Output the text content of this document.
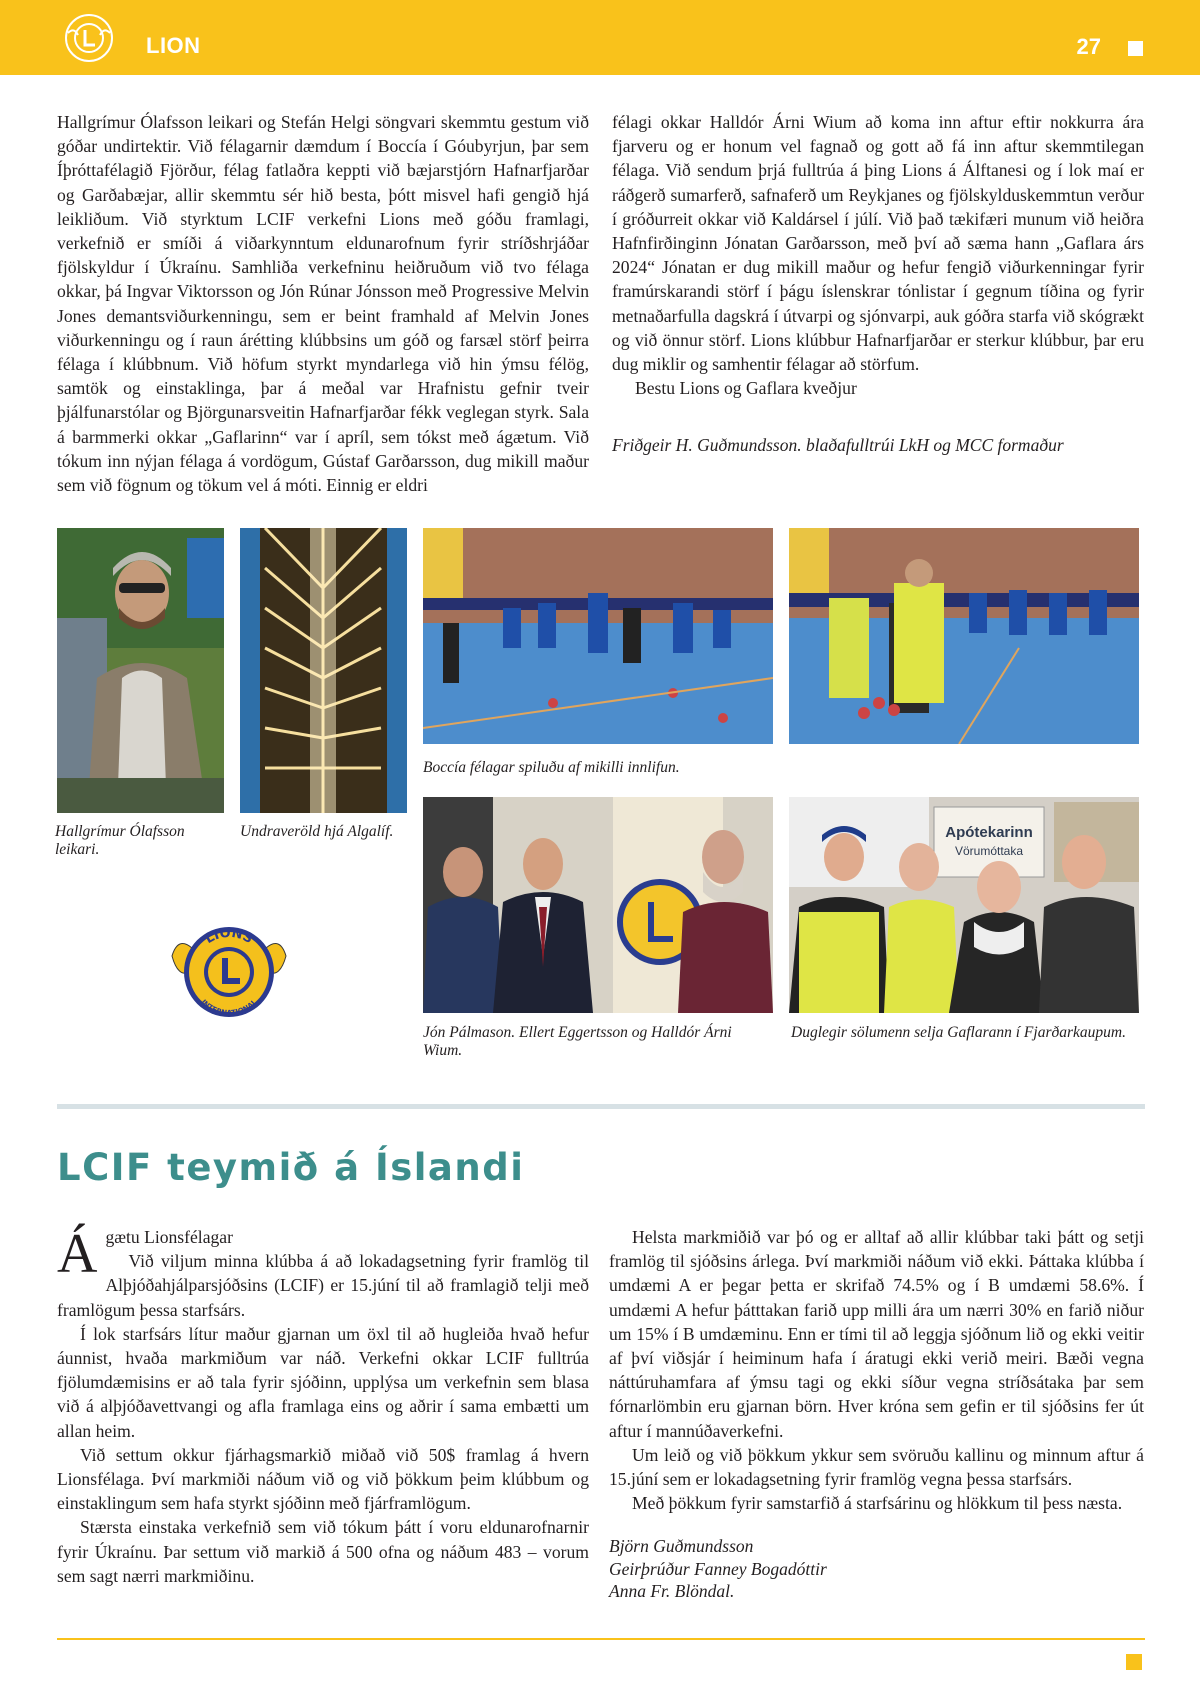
LION	27
Hallgrímur Ólafsson leikari og Stefán Helgi söngvari skemmtu gestum við góðar undirtektir. Við félagarnir dæmdum í Boccía í Góubyrjun, þar sem Íþróttafélagið Fjörður, félag fatlaðra keppti við bæjarstjórn Hafnarfjarðar og Garðabæjar, allir skemmtu sér hið besta, þótt misvel hafi gengið hjá leikliðum. Við styrktum LCIF verkefni Lions með góðu framlagi, verkefnið er smíði á viðarkynntum eldunarofnum fyrir stríðshrjáðar fjölskyldur í Úkraínu. Samhliða verkefninu heiðruðum við tvo félaga okkar, þá Ingvar Viktorsson og Jón Rúnar Jónsson með Progressive Melvin Jones demantsviðurkenningu, sem er beint framhald af Melvin Jones viðurkenningu og í raun árétting klúbbsins um góð og farsæl störf þeirra félaga í klúbbnum. Við höfum styrkt myndarlega við hin ýmsu félög, samtök og einstaklinga, þar á meðal var Hrafnistu gefnir tveir þjálfunarstólar og Björgunarsveitin Hafnarfjarðar fékk veglegan styrk. Sala á barmmerki okkar „Gaflarinn“ var í apríl, sem tókst með ágætum. Við tókum inn nýjan félaga á vordögum, Gústaf Garðarsson, dug mikill maður sem við fögnum og tökum vel á móti. Einnig er eldri

félagi okkar Halldór Árni Wium að koma inn aftur eftir nokkurra ára fjarveru og er honum vel fagnað og gott að fá inn aftur skemmtilegan félaga. Við sendum þrjá fulltrúa á þing Lions á Álftanesi og í lok maí er ráðgerð sumarferð, safnaferð um Reykjanes og fjölskylduskemmtun verður í gróðurreit okkar við Kaldársel í júlí. Við það tækifæri munum við heiðra Hafnfirðinginn Jónatan Garðarsson, með því að sæma hann „Gaflara árs 2024“ Jónatan er dug mikill maður og hefur fengið viðurkenningar fyrir framúrskarandi störf í þágu íslenskrar tónlistar í gegnum tíðina og fyrir metnaðarfulla dagskrá í útvarpi og sjónvarpi, auk góðra starfa við skógrækt og við önnur störf. Lions klúbbur Hafnarfjarðar er sterkur klúbbur, þar eru dug miklir og samhentir félagar að störfum.

Bestu Lions og Gaflara kveðjur

Friðgeir H. Guðmundsson. blaðafulltrúi LkH og MCC formaður
Boccía félagar spiluðu af mikilli innlifun.
Hallgrímur Ólafsson leikari.
Undraveröld hjá Algalíf.	Apótekarinn
Vörumóttaka
Jón Pálmason. Ellert Eggertsson og Halldór Árni Wium.
Duglegir sölumenn selja Gaflarann í Fjarðarkaupum.
LIONS
INTERNATIONAL
LCIF teymið á Íslandi

Ágætu Lionsfélagar
Við viljum minna klúbba á að lokadagsetning fyrir framlög til Alþjóðahjálparsjóðsins (LCIF) er 15.júní til að framlagið telji með framlögum þessa starfsárs.

Í lok starfsárs lítur maður gjarnan um öxl til að hugleiða hvað hefur áunnist, hvaða markmiðum var náð. Verkefni okkar LCIF fulltrúa fjölumdæmisins er að tala fyrir sjóðinn, upplýsa um verkefnin sem blasa við á alþjóðavettvangi og afla framlaga eins og aðrir í sama embætti um allan heim.

Við settum okkur fjárhagsmarkið miðað við 50$ framlag á hvern Lionsfélaga. Því markmiði náðum við og við þökkum þeim klúbbum og einstaklingum sem hafa styrkt sjóðinn með fjárframlögum.

Stærsta einstaka verkefnið sem við tókum þátt í voru eldunarofnarnir fyrir Úkraínu. Þar settum við markið á 500 ofna og náðum 483 – vorum sem sagt nærri markmiðinu.

Helsta markmiðið var þó og er alltaf að allir klúbbar taki þátt og setji framlög til sjóðsins árlega. Því markmiði náðum við ekki. Þáttaka klúbba í umdæmi A er þegar þetta er skrifað 74.5% og í B umdæmi 58.6%. Í umdæmi A hefur þátttakan farið upp milli ára um nærri 30% en farið niður um 15% í B umdæminu. Enn er tími til að leggja sjóðnum lið og ekki veitir af því viðsjár í heiminum hafa í áratugi ekki verið meiri. Bæði vegna náttúruhamfara af ýmsu tagi og ekki síður vegna stríðsátaka þar sem fórnarlömbin eru gjarnan börn. Hver króna sem gefin er til sjóðsins fer út aftur í mannúðaverkefni.

Um leið og við þökkum ykkur sem svöruðu kallinu og minnum aftur á 15.júní sem er lokadagsetning fyrir framlög vegna þessa starfsárs.

Með þökkum fyrir samstarfið á starfsárinu og hlökkum til þess næsta.

Björn Guðmundsson
Geirþrúður Fanney Bogadóttir
Anna Fr. Blöndal.
